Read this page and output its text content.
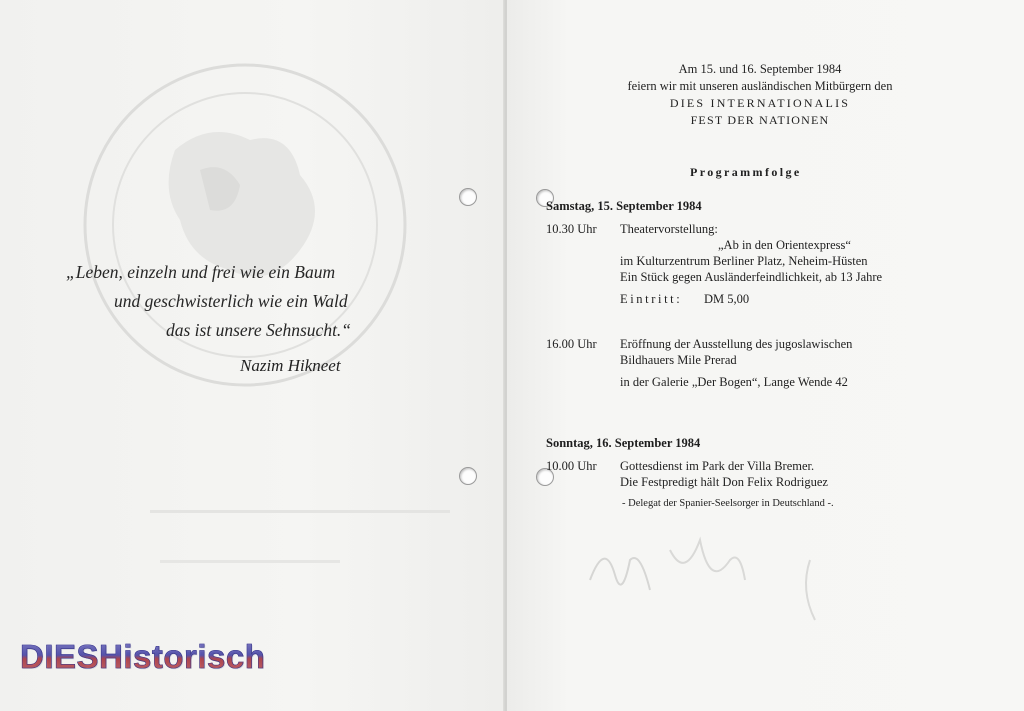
„Leben, einzeln und frei wie ein Baum
und geschwisterlich wie ein Wald
das ist unsere Sehnsucht.“
Nazim Hikneet
DIESHistorisch
Am 15. und 16. September 1984
feiern wir mit unseren ausländischen Mitbürgern den
DIES INTERNATIONALIS
FEST DER NATIONEN
Programmfolge
Samstag, 15. September 1984
10.30 Uhr Theatervorstellung:
„Ab in den Orientexpress“
im Kulturzentrum Berliner Platz, Neheim-Hüsten
Ein Stück gegen Ausländerfeindlichkeit, ab 13 Jahre
Eintritt: DM 5,00
16.00 Uhr Eröffnung der Ausstellung des jugoslawischen
Bildhauers Mile Prerad
in der Galerie „Der Bogen“, Lange Wende 42
Sonntag, 16. September 1984
10.00 Uhr Gottesdienst im Park der Villa Bremer.
Die Festpredigt hält Don Felix Rodriguez
- Delegat der Spanier-Seelsorger in Deutschland -.
